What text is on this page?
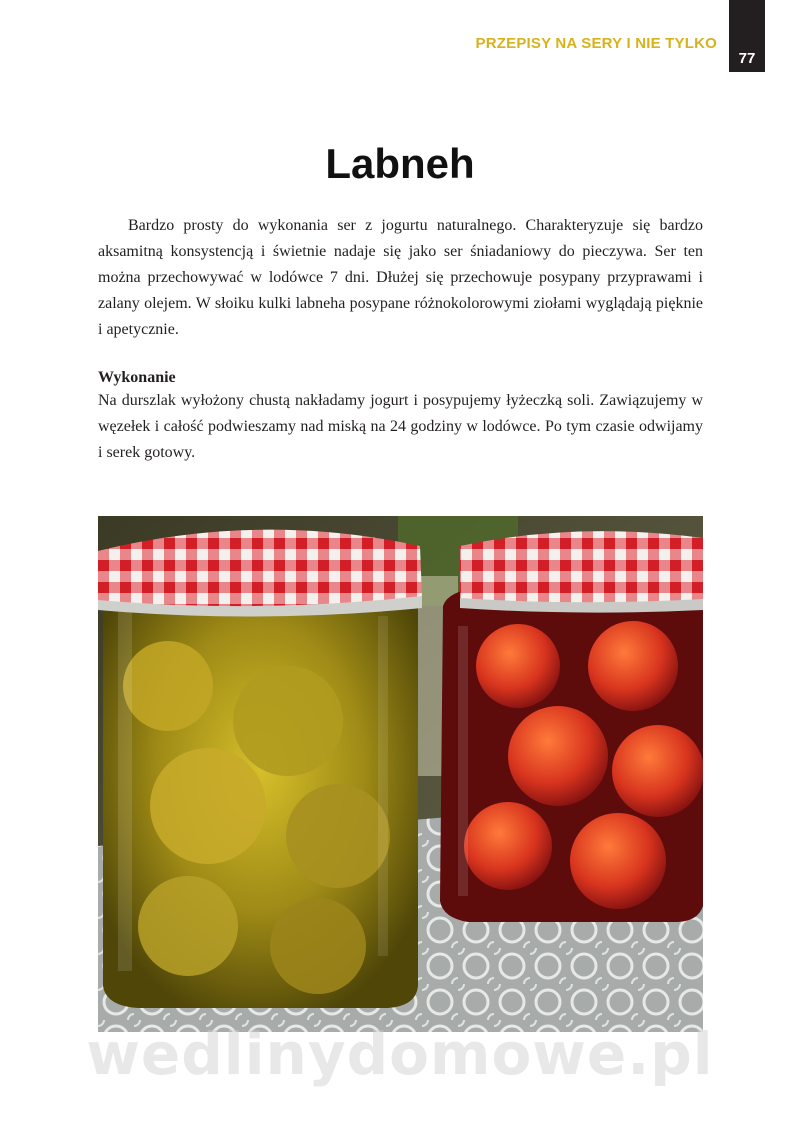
PRZEPISY NA SERY I NIE TYLKO
77
Labneh

Bardzo prosty do wykonania ser z jogurtu naturalnego. Charakteryzuje się bardzo aksamitną konsystencją i świetnie nadaje się jako ser śniadaniowy do pieczywa. Ser ten można przechowywać w lodówce 7 dni. Dłużej się przechowuje posypany przyprawami i zalany olejem. W słoiku kulki labneha posypane różnokolorowymi ziołami wyglądają pięknie i apetycznie.

Wykonanie

Na durszlak wyłożony chustą nakładamy jogurt i posypujemy łyżeczką soli. Zawiązujemy w węzełek i całość podwieszamy nad miską na 24 godziny w lodówce. Po tym czasie odwijamy i serek gotowy.

wedlinydomowe.pl
